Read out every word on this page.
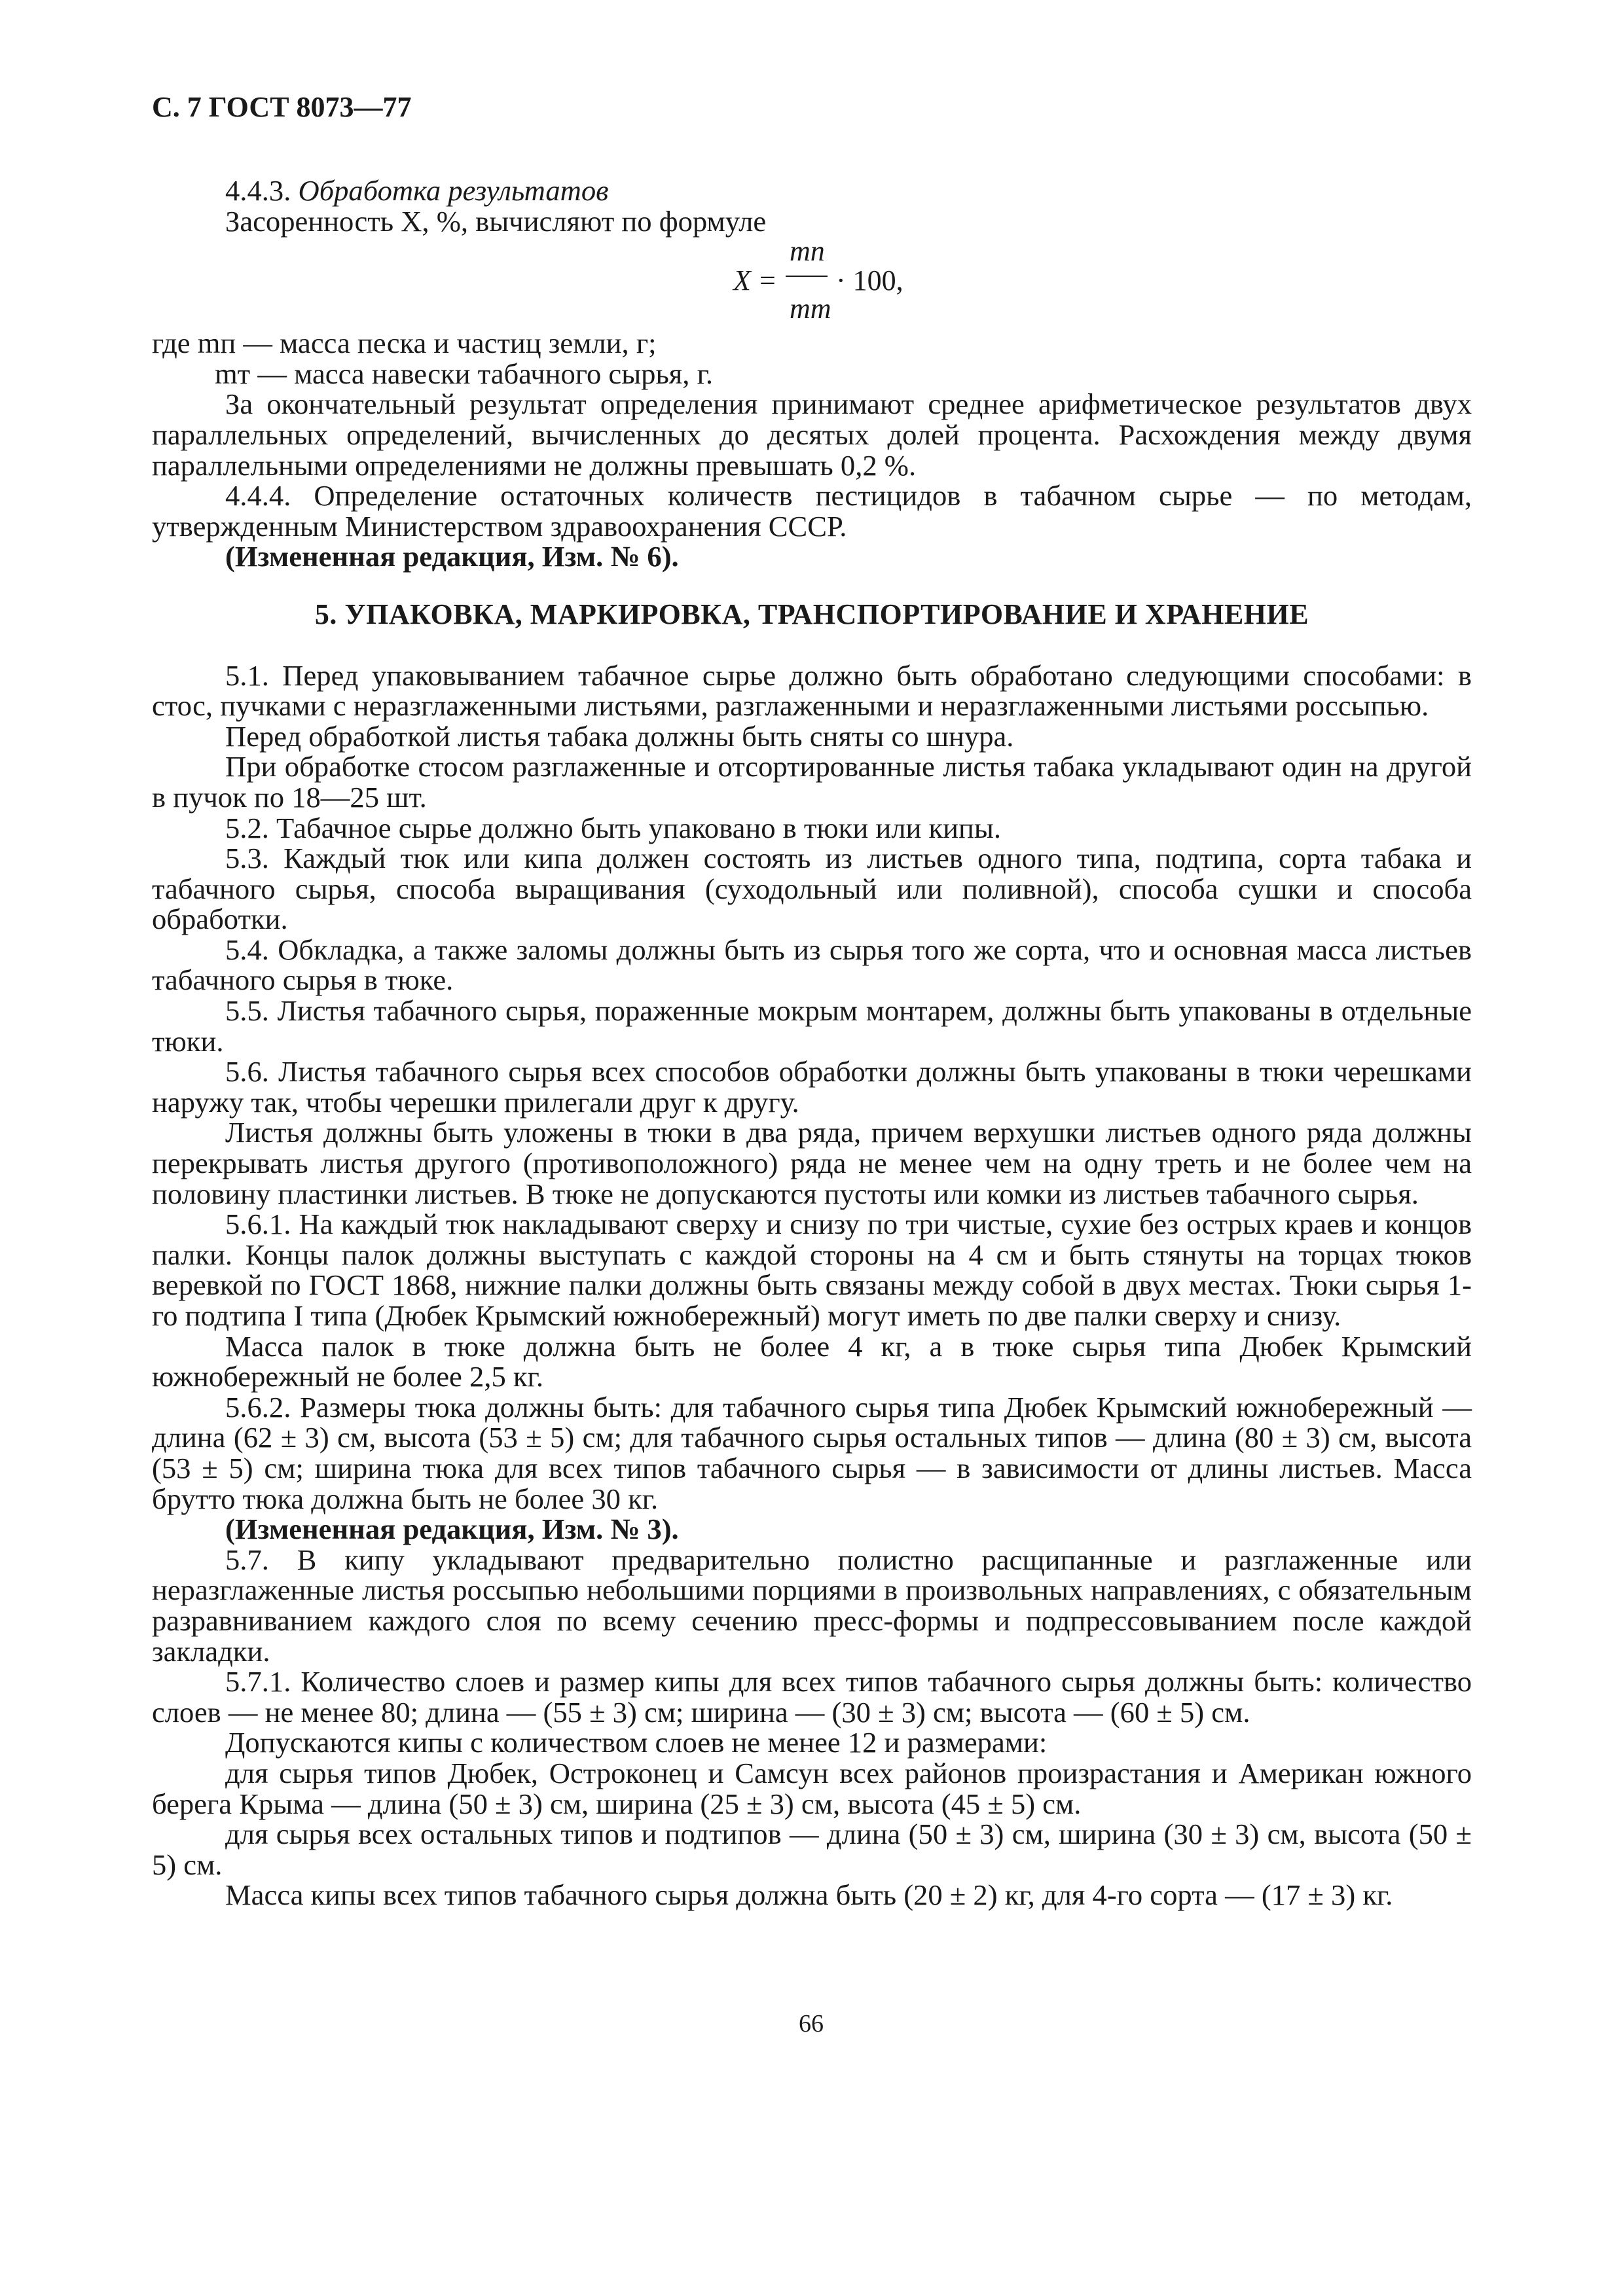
С. 7 ГОСТ 8073—77

4.4.3. Обработка результатов

Засоренность X, %, вычисляют по формуле

X =
mп
mт
· 100,

где mп — масса песка и частиц земли, г;

mт — масса навески табачного сырья, г.

За окончательный результат определения принимают среднее арифметическое результатов двух параллельных определений, вычисленных до десятых долей процента. Расхождения между двумя параллельными определениями не должны превышать 0,2 %.

4.4.4. Определение остаточных количеств пестицидов в табачном сырье — по методам, утвержденным Министерством здравоохранения СССР.

(Измененная редакция, Изм. № 6).

5. УПАКОВКА, МАРКИРОВКА, ТРАНСПОРТИРОВАНИЕ И ХРАНЕНИЕ

5.1. Перед упаковыванием табачное сырье должно быть обработано следующими способами: в стос, пучками с неразглаженными листьями, разглаженными и неразглаженными листьями россыпью.

Перед обработкой листья табака должны быть сняты со шнура.

При обработке стосом разглаженные и отсортированные листья табака укладывают один на другой в пучок по 18—25 шт.

5.2. Табачное сырье должно быть упаковано в тюки или кипы.

5.3. Каждый тюк или кипа должен состоять из листьев одного типа, подтипа, сорта табака и табачного сырья, способа выращивания (суходольный или поливной), способа сушки и способа обработки.

5.4. Обкладка, а также заломы должны быть из сырья того же сорта, что и основная масса листьев табачного сырья в тюке.

5.5. Листья табачного сырья, пораженные мокрым монтарем, должны быть упакованы в отдельные тюки.

5.6. Листья табачного сырья всех способов обработки должны быть упакованы в тюки черешками наружу так, чтобы черешки прилегали друг к другу.

Листья должны быть уложены в тюки в два ряда, причем верхушки листьев одного ряда должны перекрывать листья другого (противоположного) ряда не менее чем на одну треть и не более чем на половину пластинки листьев. В тюке не допускаются пустоты или комки из листьев табачного сырья.

5.6.1. На каждый тюк накладывают сверху и снизу по три чистые, сухие без острых краев и концов палки. Концы палок должны выступать с каждой стороны на 4 см и быть стянуты на торцах тюков веревкой по ГОСТ 1868, нижние палки должны быть связаны между собой в двух местах. Тюки сырья 1-го подтипа I типа (Дюбек Крымский южнобережный) могут иметь по две палки сверху и снизу.

Масса палок в тюке должна быть не более 4 кг, а в тюке сырья типа Дюбек Крымский южнобережный не более 2,5 кг.

5.6.2. Размеры тюка должны быть: для табачного сырья типа Дюбек Крымский южнобережный — длина (62 ± 3) см, высота (53 ± 5) см; для табачного сырья остальных типов — длина (80 ± 3) см, высота (53 ± 5) см; ширина тюка для всех типов табачного сырья — в зависимости от длины листьев. Масса брутто тюка должна быть не более 30 кг.

(Измененная редакция, Изм. № 3).

5.7. В кипу укладывают предварительно полистно расщипанные и разглаженные или неразглаженные листья россыпью небольшими порциями в произвольных направлениях, с обязательным разравниванием каждого слоя по всему сечению пресс-формы и подпрессовыванием после каждой закладки.

5.7.1. Количество слоев и размер кипы для всех типов табачного сырья должны быть: количество слоев — не менее 80; длина — (55 ± 3) см; ширина — (30 ± 3) см; высота — (60 ± 5) см.

Допускаются кипы с количеством слоев не менее 12 и размерами:

для сырья типов Дюбек, Остроконец и Самсун всех районов произрастания и Американ южного берега Крыма — длина (50 ± 3) см, ширина (25 ± 3) см, высота (45 ± 5) см.

для сырья всех остальных типов и подтипов — длина (50 ± 3) см, ширина (30 ± 3) см, высота (50 ± 5) см.

Масса кипы всех типов табачного сырья должна быть (20 ± 2) кг, для 4-го сорта — (17 ± 3) кг.

66
